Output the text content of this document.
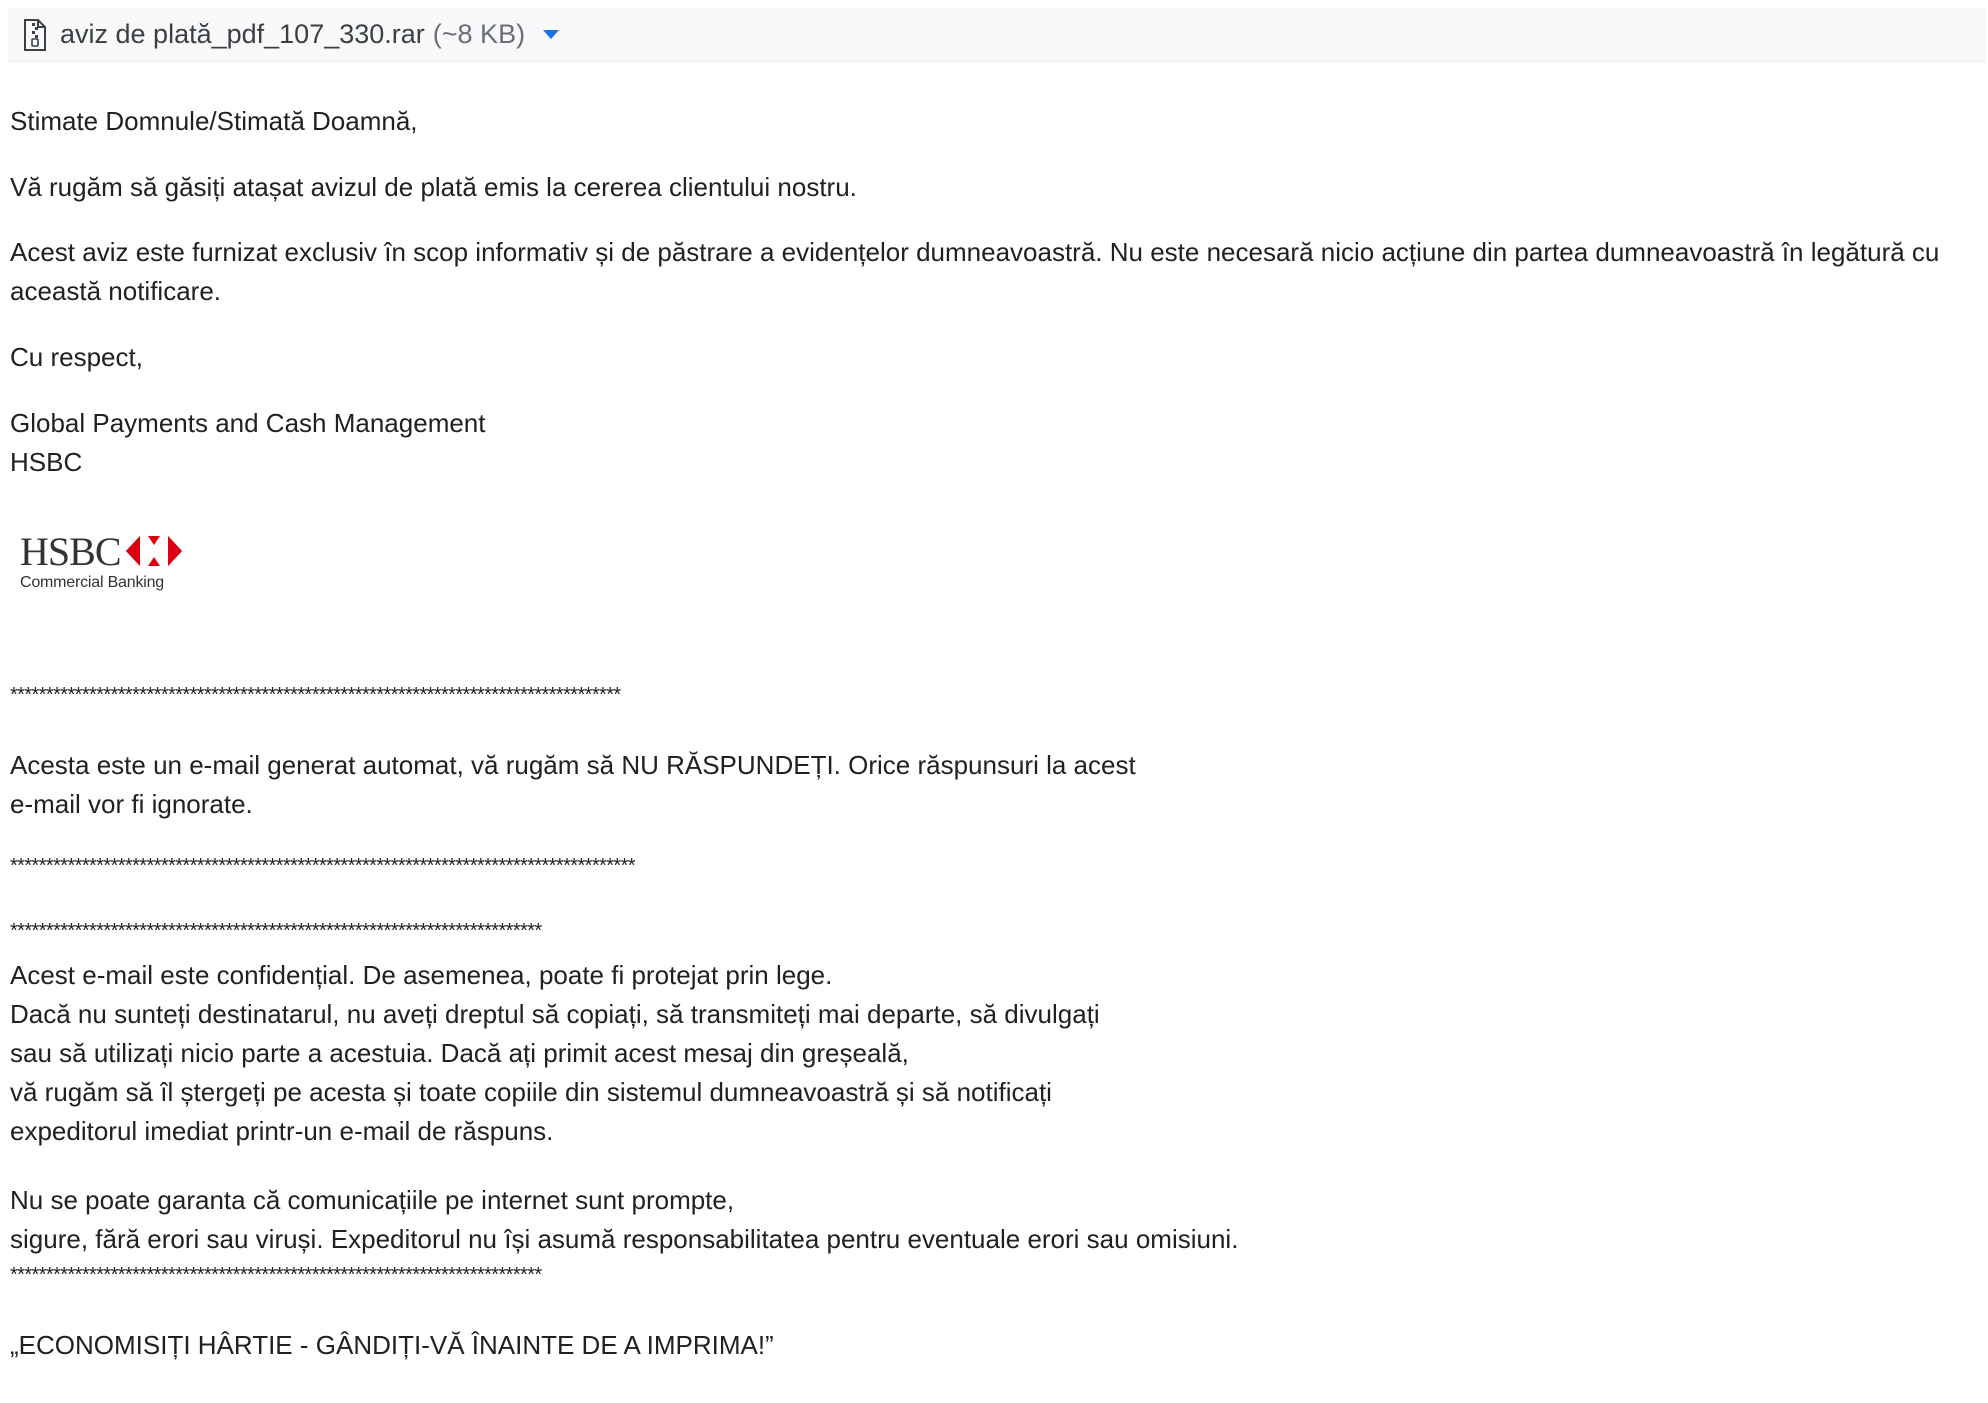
aviz de plată_pdf_107_330.rar (~8 KB)
Stimate Domnule/Stimată Doamnă,
Vă rugăm să găsiți atașat avizul de plată emis la cererea clientului nostru.
Acest aviz este furnizat exclusiv în scop informativ și de păstrare a evidențelor dumneavoastră. Nu este necesară nicio acțiune din partea dumneavoastră în legătură cu această notificare.
Cu respect,
Global Payments and Cash Management
HSBC
HSBC
Commercial Banking
*************************************************************************************
Acesta este un e-mail generat automat, vă rugăm să NU RĂSPUNDEȚI. Orice răspunsuri la acest
e-mail vor fi ignorate.
***************************************************************************************
**************************************************************************
Acest e-mail este confidențial. De asemenea, poate fi protejat prin lege.
Dacă nu sunteți destinatarul, nu aveți dreptul să copiați, să transmiteți mai departe, să divulgați
sau să utilizați nicio parte a acestuia. Dacă ați primit acest mesaj din greșeală,
vă rugăm să îl ștergeți pe acesta și toate copiile din sistemul dumneavoastră și să notificați
expeditorul imediat printr-un e-mail de răspuns.
Nu se poate garanta că comunicațiile pe internet sunt prompte,
sigure, fără erori sau viruși. Expeditorul nu își asumă responsabilitatea pentru eventuale erori sau omisiuni.
**************************************************************************
„ECONOMISIȚI HÂRTIE - GÂNDIȚI-VĂ ÎNAINTE DE A IMPRIMA!”
